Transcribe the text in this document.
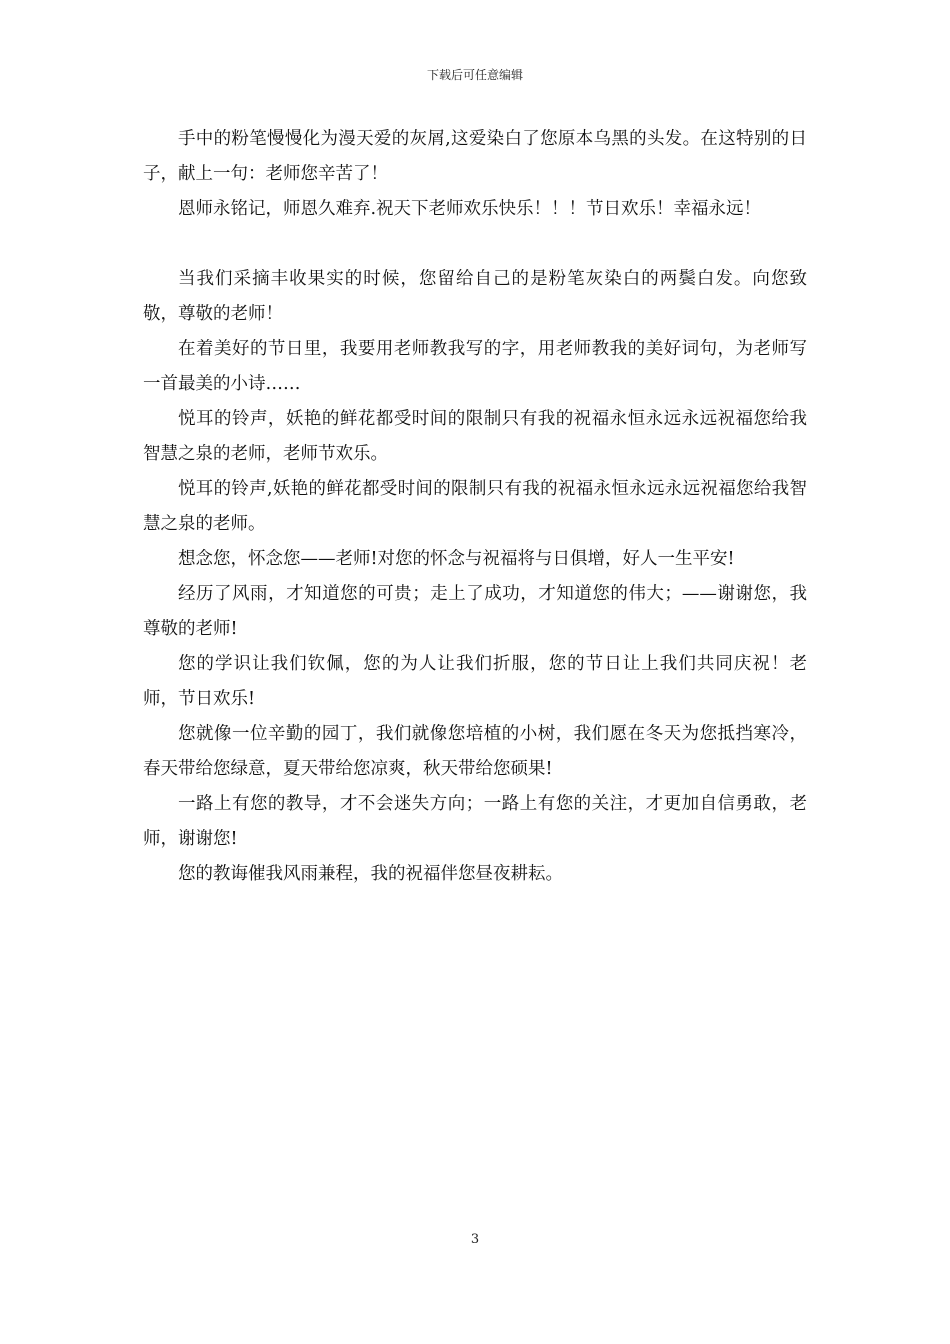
下载后可任意编辑

手中的粉笔慢慢化为漫天爱的灰屑,这爱染白了您原本乌黑的头发。在这特别的日子，献上一句：老师您辛苦了！

恩师永铭记，师恩久难弃.祝天下老师欢乐快乐！！！节日欢乐！幸福永远！

当我们采摘丰收果实的时候，您留给自己的是粉笔灰染白的两鬓白发。向您致敬，尊敬的老师！

在着美好的节日里，我要用老师教我写的字，用老师教我的美好词句，为老师写一首最美的小诗……

悦耳的铃声，妖艳的鲜花都受时间的限制只有我的祝福永恒永远永远祝福您给我智慧之泉的老师，老师节欢乐。

悦耳的铃声,妖艳的鲜花都受时间的限制只有我的祝福永恒永远永远祝福您给我智慧之泉的老师。

想念您，怀念您——老师!对您的怀念与祝福将与日俱增，好人一生平安!

经历了风雨，才知道您的可贵；走上了成功，才知道您的伟大；——谢谢您，我尊敬的老师!

您的学识让我们钦佩，您的为人让我们折服，您的节日让上我们共同庆祝！老师，节日欢乐!

您就像一位辛勤的园丁，我们就像您培植的小树，我们愿在冬天为您抵挡寒冷，春天带给您绿意，夏天带给您凉爽，秋天带给您硕果!

一路上有您的教导，才不会迷失方向；一路上有您的关注，才更加自信勇敢，老师，谢谢您!

您的教诲催我风雨兼程，我的祝福伴您昼夜耕耘。

3
